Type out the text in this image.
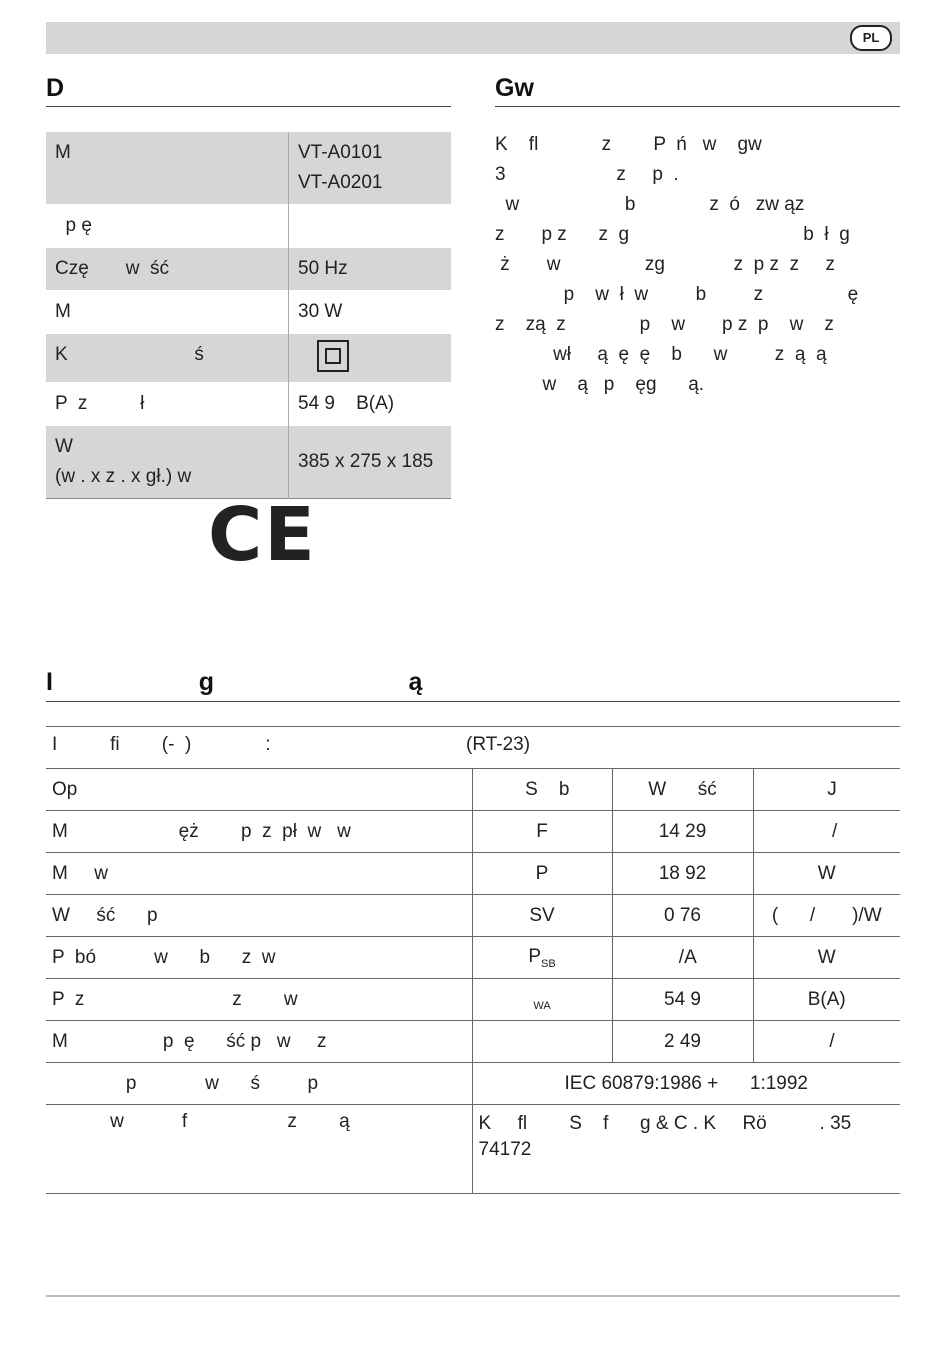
PL
D
M	VT-A0101
VT-A0201
p ę	
Czę       w  ść	50 Hz
M	30 W
K                        ś	
P  z          ł	54 9    B(A)
W
(w . x z . x gł.) w	385 x 275 x 185
CE
Gw

K    fl            z        P  ń   w    gw
3                     z     p  .
w                    b              z  ó   zw ąz
z       p z      z  g                                 b  ł  g
ż       w                zg             z  p z  z     z
p    w  ł  w         b         z                ę
z    zą  z              p    w       p z  p    w    z
wł     ą  ę  ę    b      w         z  ą  ą
w    ą   p    ęg      ą.

I                     g                            ą
I          fi        (-  )              :	(RT-23)
Op	S    b	W      ść	J
M                     ęż        p  z  pł  w   w	F	14 29	/
M     w	P	18 92	W
W     ść      p	SV	0 76	(      /       )/W
P  bó           w      b      z  w	$P_{SB}$	/A	W
P  z                            z        w	$_{WA}$	54 9	B(A)
M                  p  ę      ść p   w     z		2 49	/
p             w      ś         p	IEC 60879:1986 +      1:1992		
w           f                   z        ą	K     fl        S    f      g & C . K     Rö          . 35
74172		
